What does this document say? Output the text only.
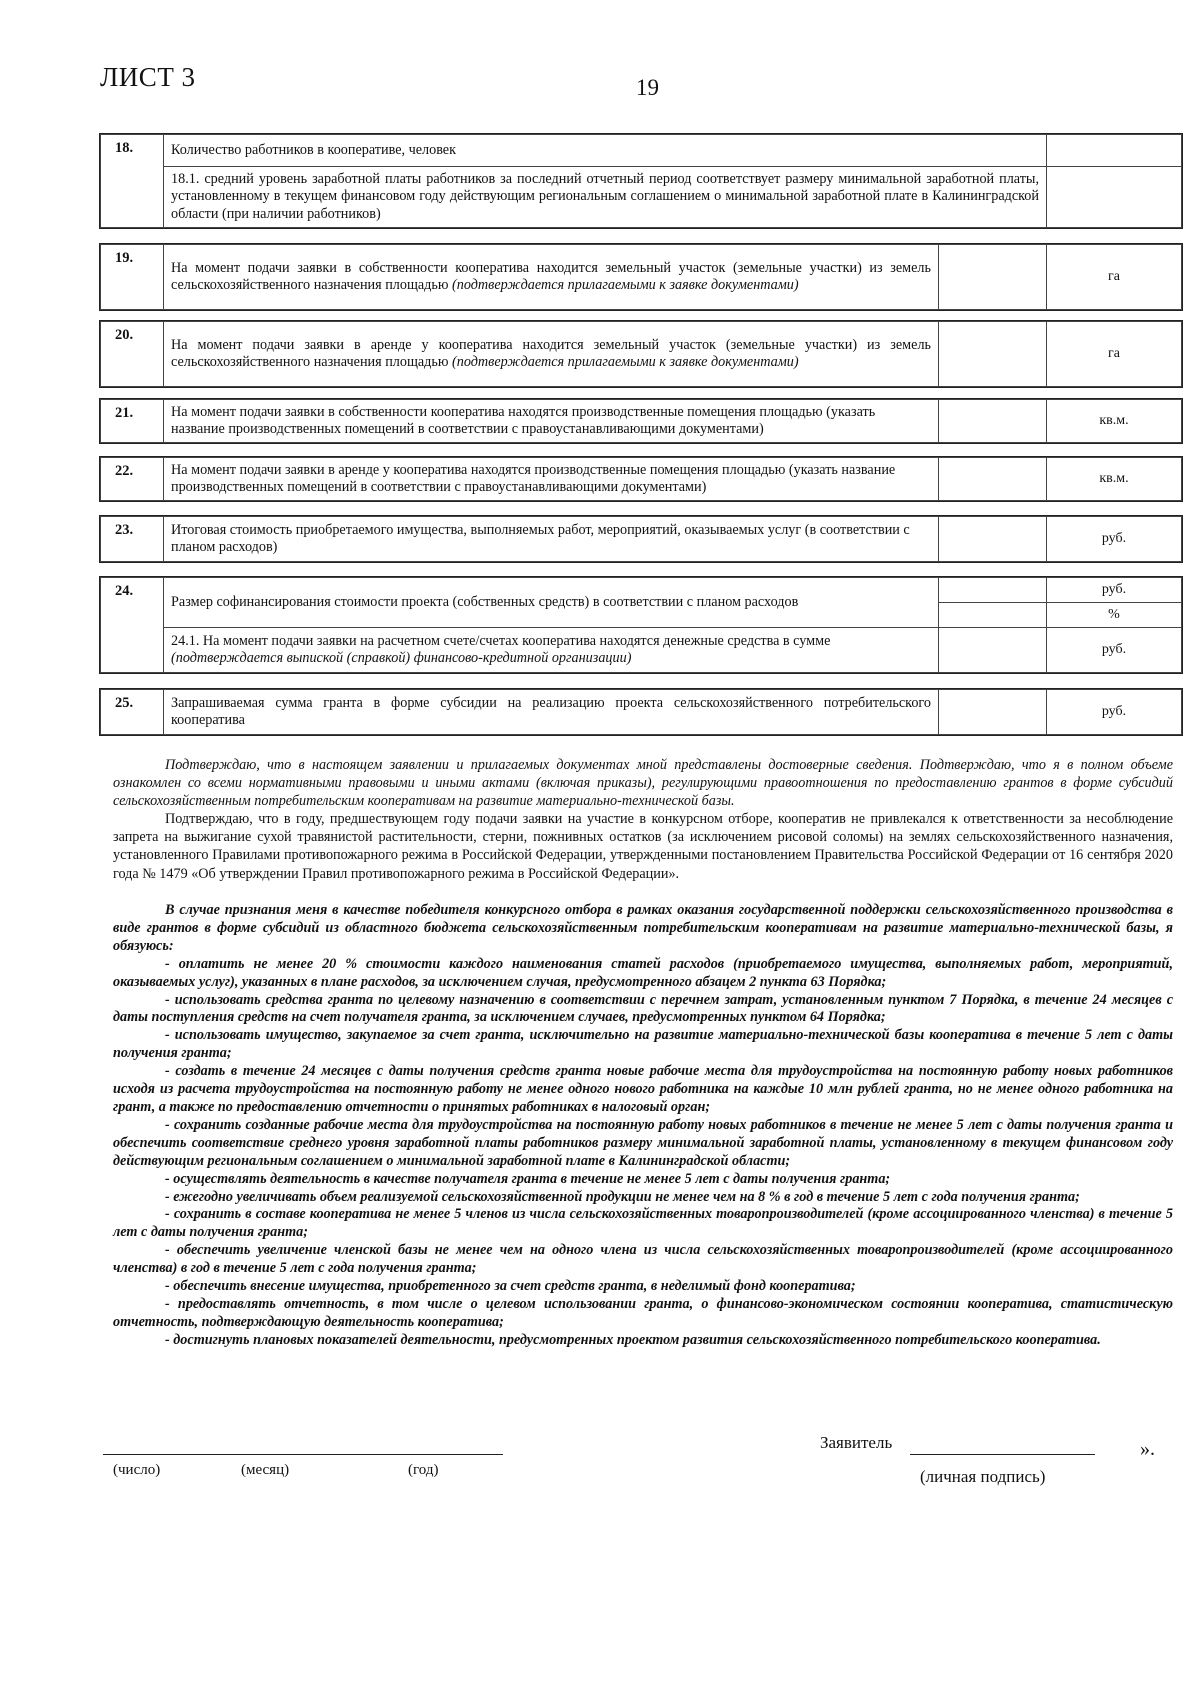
ЛИСТ 3	19
18.	Количество работников в кооперативе, человек	
	18.1. средний уровень заработной платы работников за последний отчетный период соответствует размеру минимальной заработной платы, установленному в текущем финансовом году действующим региональным соглашением о минимальной заработной плате в Калининградской области (при наличии работников)	
19.	На момент подачи заявки в собственности кооператива находится земельный участок (земельные участки) из земель сельскохозяйственного назначения площадью (подтверждается прилагаемыми к заявке документами)		га
20.	На момент подачи заявки в аренде у кооператива находится земельный участок (земельные участки) из земель сельскохозяйственного назначения площадью (подтверждается прилагаемыми к заявке документами)		га
21.	На момент подачи заявки в собственности кооператива находятся производственные помещения площадью (указать название производственных помещений в соответствии с правоустанавливающими документами)		кв.м.
22.	На момент подачи заявки в аренде у кооператива находятся производственные помещения площадью (указать название производственных помещений в соответствии с правоустанавливающими документами)		кв.м.
23.	Итоговая стоимость приобретаемого имущества, выполняемых работ, мероприятий, оказываемых услуг (в соответствии с планом расходов)		руб.
24.	Размер софинансирования стоимости проекта (собственных средств) в соответствии с планом расходов		руб.
			%
	24.1. На момент подачи заявки на расчетном счете/счетах кооператива находятся денежные средства в сумме (подтверждается выпиской (справкой) финансово-кредитной организации)		руб.
25.	Запрашиваемая сумма гранта в форме субсидии на реализацию проекта сельскохозяйственного потребительского кооператива		руб.

Подтверждаю, что в настоящем заявлении и прилагаемых документах мной представлены достоверные сведения. Подтверждаю, что я в полном объеме ознакомлен со всеми нормативными правовыми и иными актами (включая приказы), регулирующими правоотношения по предоставлению грантов в форме субсидий сельскохозяйственным потребительским кооперативам на развитие материально-технической базы.

Подтверждаю, что в году, предшествующем году подачи заявки на участие в конкурсном отборе, кооператив не привлекался к ответственности за несоблюдение запрета на выжигание сухой травянистой растительности, стерни, пожнивных остатков (за исключением рисовой соломы) на землях сельскохозяйственного назначения, установленного Правилами противопожарного режима в Российской Федерации, утвержденными постановлением Правительства Российской Федерации от 16 сентября 2020 года № 1479 «Об утверждении Правил противопожарного режима в Российской Федерации».

В случае признания меня в качестве победителя конкурсного отбора в рамках оказания государственной поддержки сельскохозяйственного производства в виде грантов в форме субсидий из областного бюджета сельскохозяйственным потребительским кооперативам на развитие материально-технической базы, я обязуюсь:

- оплатить не менее 20 % стоимости каждого наименования статей расходов (приобретаемого имущества, выполняемых работ, мероприятий, оказываемых услуг), указанных в плане расходов, за исключением случая, предусмотренного абзацем 2 пункта 63 Порядка;

- использовать средства гранта по целевому назначению в соответствии с перечнем затрат, установленным пунктом 7 Порядка, в течение 24 месяцев с даты поступления средств на счет получателя гранта, за исключением случаев, предусмотренных пунктом 64 Порядка;

- использовать имущество, закупаемое за счет гранта, исключительно на развитие материально-технической базы кооператива в течение 5 лет с даты получения гранта;

- создать в течение 24 месяцев с даты получения средств гранта новые рабочие места для трудоустройства на постоянную работу новых работников исходя из расчета трудоустройства на постоянную работу не менее одного нового работника на каждые 10 млн рублей гранта, но не менее одного работника на грант, а также по предоставлению отчетности о принятых работниках в налоговый орган;

- сохранить созданные рабочие места для трудоустройства на постоянную работу новых работников в течение не менее 5 лет с даты получения гранта и обеспечить соответствие среднего уровня заработной платы работников размеру минимальной заработной платы, установленному в текущем финансовом году действующим региональным соглашением о минимальной заработной плате в Калининградской области;

- осуществлять деятельность в качестве получателя гранта в течение не менее 5 лет с даты получения гранта;

- ежегодно увеличивать объем реализуемой сельскохозяйственной продукции не менее чем на 8 % в год в течение 5 лет с года получения гранта;

- сохранить в составе кооператива не менее 5 членов из числа сельскохозяйственных товаропроизводителей (кроме ассоциированного членства) в течение 5 лет с даты получения гранта;

- обеспечить увеличение членской базы не менее чем на одного члена из числа сельскохозяйственных товаропроизводителей (кроме ассоциированного членства) в год в течение 5 лет с года получения гранта;

- обеспечить внесение имущества, приобретенного за счет средств гранта, в неделимый фонд кооператива;

- предоставлять отчетность, в том числе о целевом использовании гранта, о финансово-экономическом состоянии кооператива, статистическую отчетность, подтверждающую деятельность кооператива;

- достигнуть плановых показателей деятельности, предусмотренных проектом развития сельскохозяйственного потребительского кооператива.

(число)	(месяц)	(год)
Заявитель	».
(личная подпись)
